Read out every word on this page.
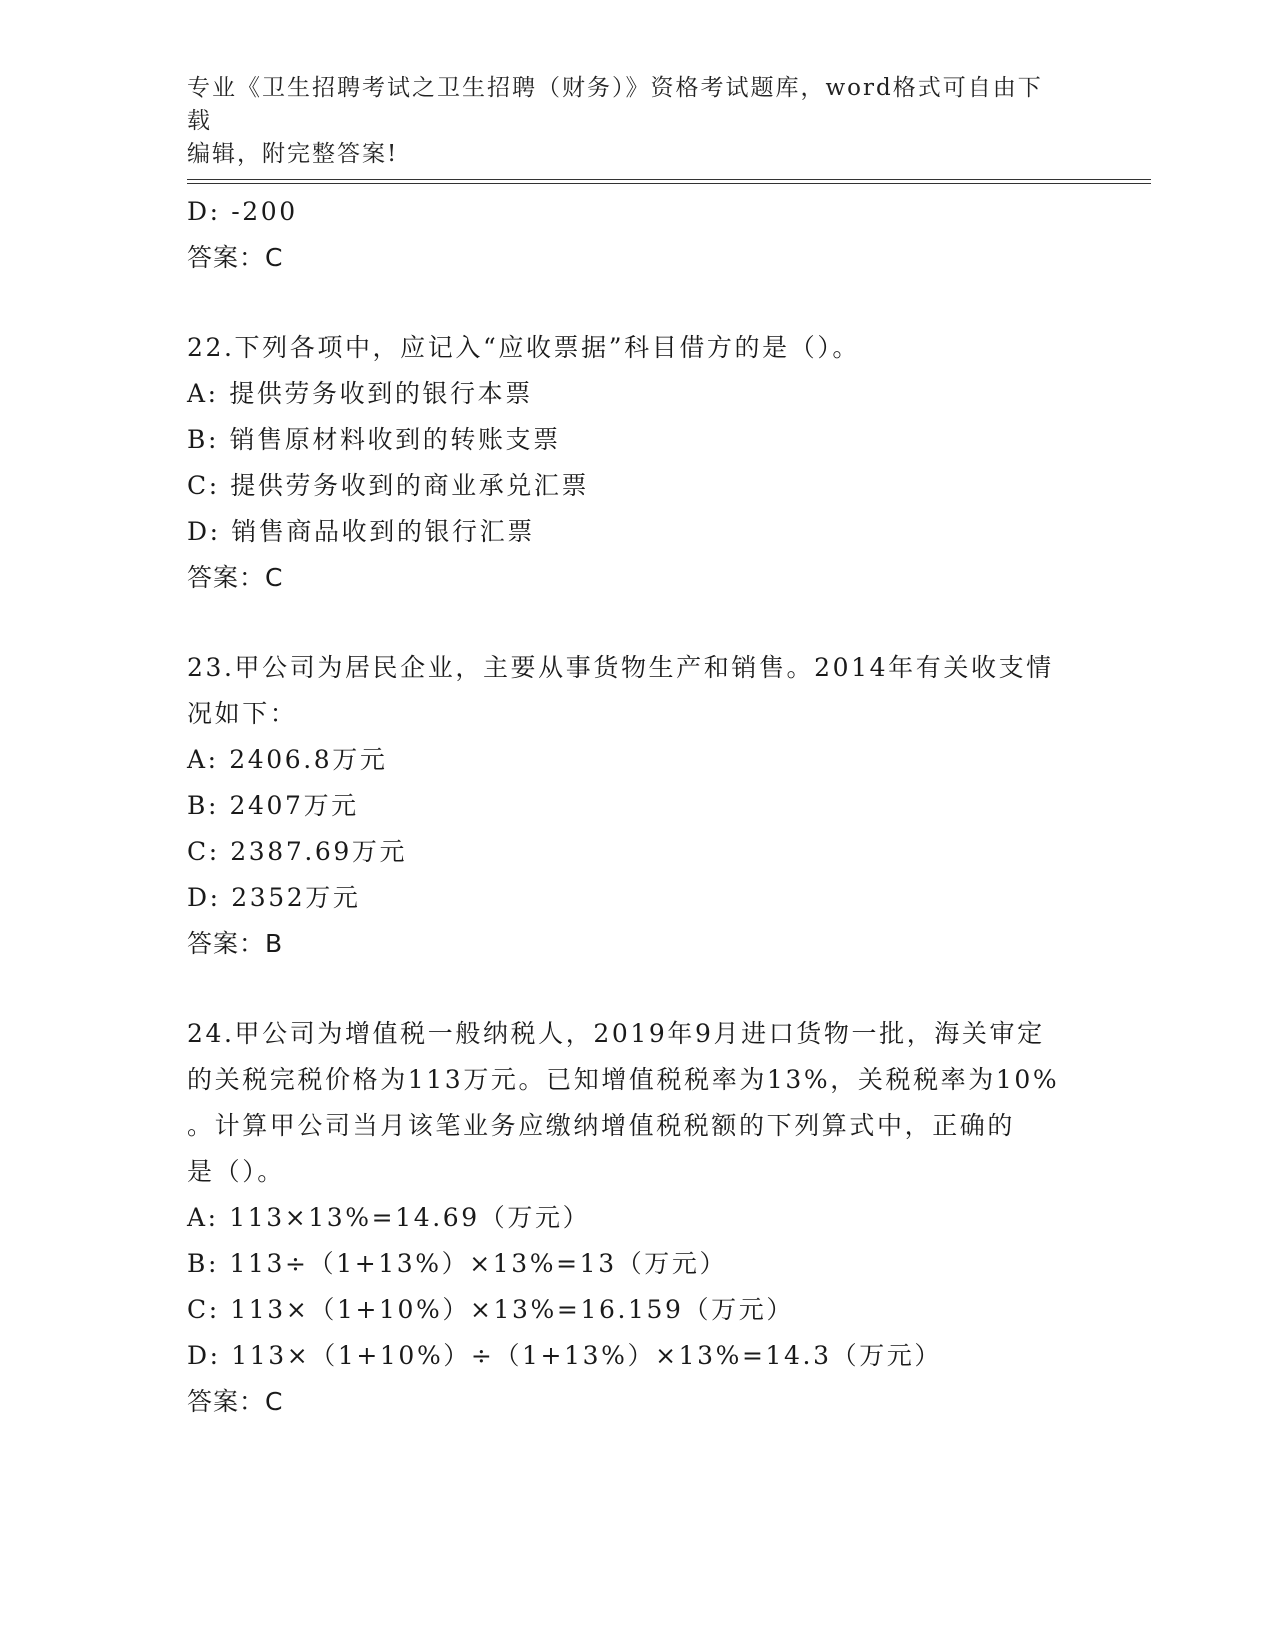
专业《卫生招聘考试之卫生招聘（财务）》资格考试题库，word格式可自由下载
编辑，附完整答案!
D: -200
答案：C
22.下列各项中，应记入“应收票据”科目借方的是（）。
A: 提供劳务收到的银行本票
B: 销售原材料收到的转账支票
C: 提供劳务收到的商业承兑汇票
D: 销售商品收到的银行汇票
答案：C
23.甲公司为居民企业，主要从事货物生产和销售。2014年有关收支情
况如下：
A: 2406.8万元
B: 2407万元
C: 2387.69万元
D: 2352万元
答案：B
24.甲公司为增值税一般纳税人，2019年9月进口货物一批，海关审定
的关税完税价格为113万元。已知增值税税率为13%，关税税率为10%
。计算甲公司当月该笔业务应缴纳增值税税额的下列算式中，正确的
是（）。
A: 113×13%=14.69（万元）
B: 113÷（1+13%）×13%=13（万元）
C: 113×（1+10%）×13%=16.159（万元）
D: 113×（1+10%）÷（1+13%）×13%=14.3（万元）
答案：C
